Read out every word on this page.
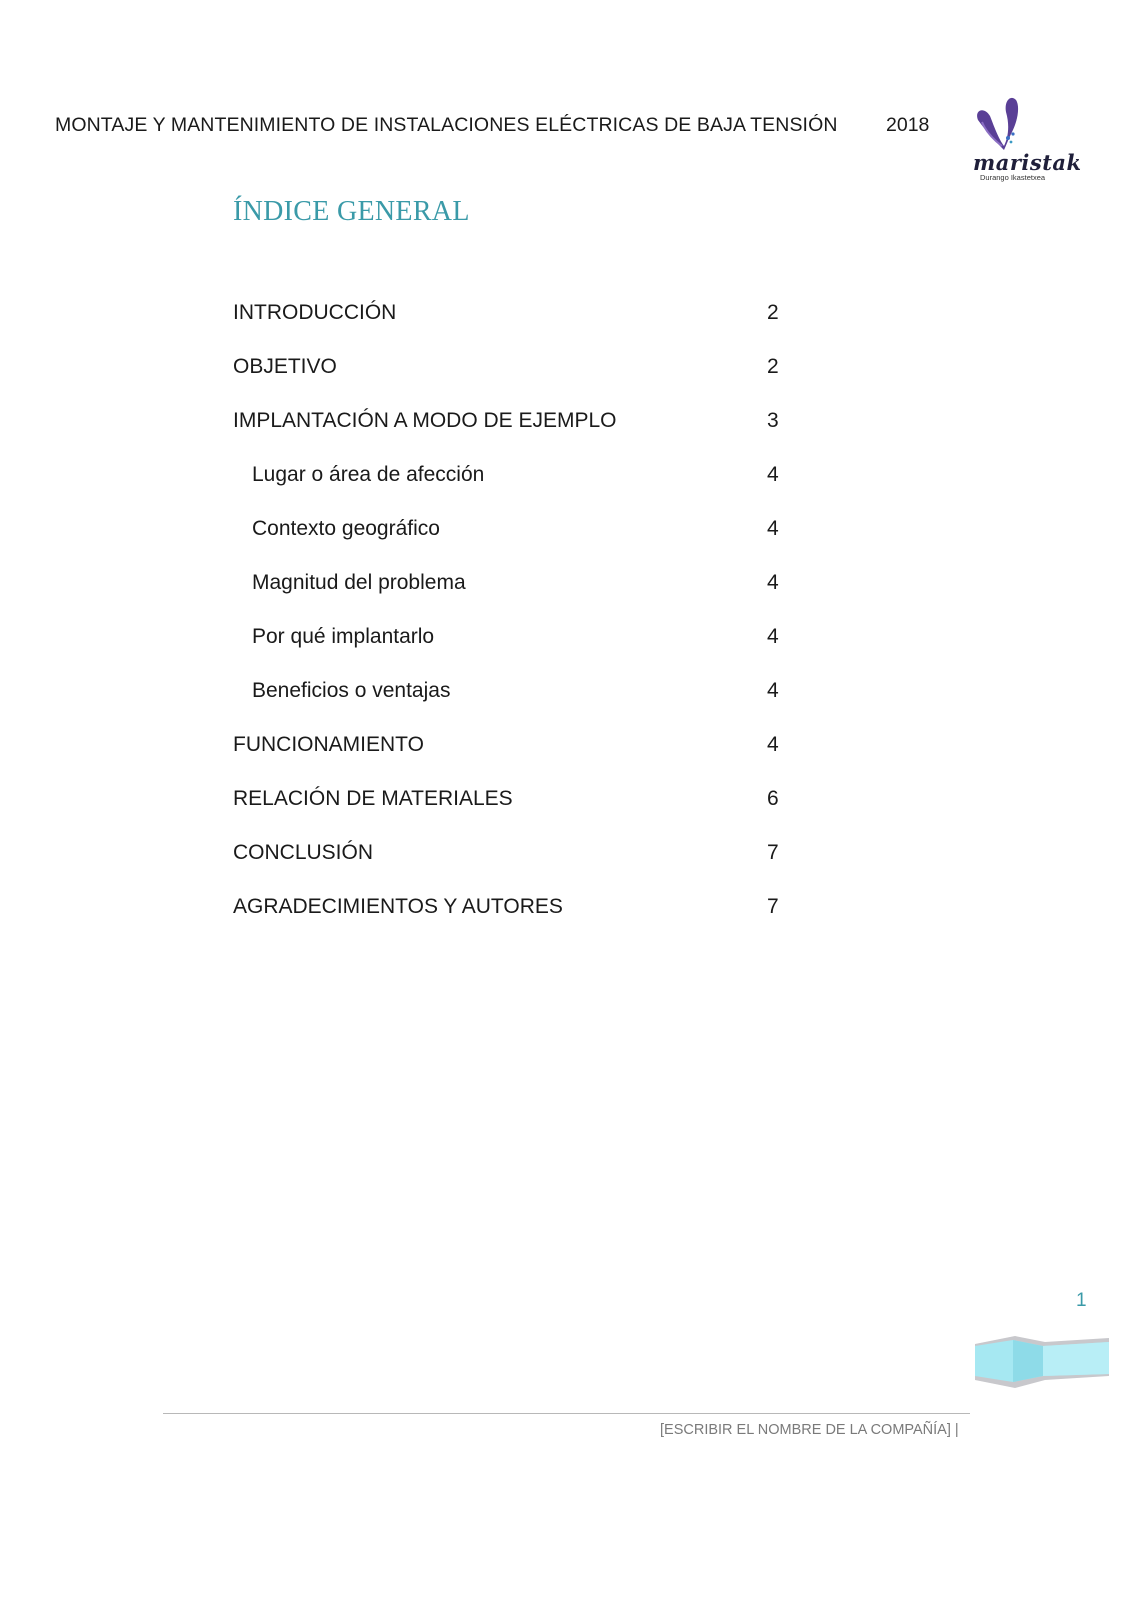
MONTAJE Y MANTENIMIENTO DE INSTALACIONES ELÉCTRICAS DE BAJA TENSIÓN 2018
maristak
Durango Ikastetxea
ÍNDICE GENERAL
INTRODUCCIÓN	2
OBJETIVO	2
IMPLANTACIÓN A MODO DE EJEMPLO	3
Lugar o área de afección	4
Contexto geográfico	4
Magnitud del problema	4
Por qué implantarlo	4
Beneficios o ventajas	4
FUNCIONAMIENTO	4
RELACIÓN DE MATERIALES	6
CONCLUSIÓN	7
AGRADECIMIENTOS Y AUTORES	7
1
[ESCRIBIR EL NOMBRE DE LA COMPAÑÍA] |
